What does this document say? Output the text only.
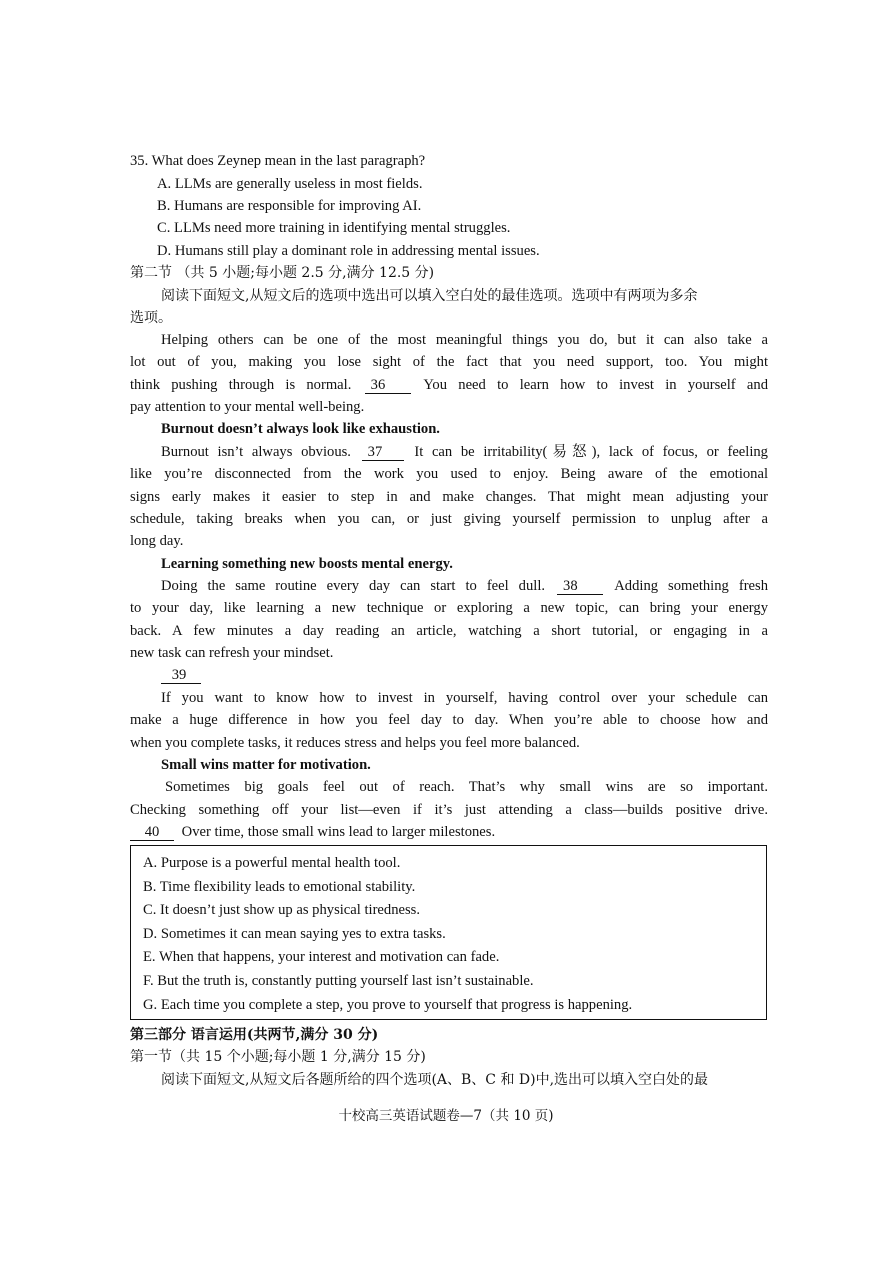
35. What does Zeynep mean in the last paragraph?
A. LLMs are generally useless in most fields.
B. Humans are responsible for improving AI.
C. LLMs need more training in identifying mental struggles.
D. Humans still play a dominant role in addressing mental issues.
第二节 （共 5 小题;每小题 2.5 分,满分 12.5 分)
阅读下面短文,从短文后的选项中选出可以填入空白处的最佳选项。选项中有两项为多余
选项。
Helping others can be one of the most meaningful things you do, but it can also take a
lot out of you, making you lose sight of the fact that you need support, too. You might
think pushing through is normal. 36	You need to learn how to invest in yourself and
pay attention to your mental well-being.
Burnout doesn’t always look like exhaustion.
Burnout isn’t always obvious. 37 It can be irritability(易怒), lack of focus, or feeling
like you’re disconnected from the work you used to enjoy. Being aware of the emotional
signs early makes it easier to step in and make changes. That might mean adjusting your
schedule, taking breaks when you can, or just giving yourself permission to unplug after a
long day.
Learning something new boosts mental energy.
Doing the same routine every day can start to feel dull. 38	Adding something fresh
to your day, like learning a new technique or exploring a new topic, can bring your energy
back. A few minutes a day reading an article, watching a short tutorial, or engaging in a
new task can refresh your mindset.
39
If you want to know how to invest in yourself, having control over your schedule can
make a huge difference in how you feel day to day. When you’re able to choose how and
when you complete tasks, it reduces stress and helps you feel more balanced.
Small wins matter for motivation.
Sometimes big goals feel out of reach. That’s why small wins are so important.
Checking something off your list—even if it’s just attending a class—builds positive drive.
40 Over time, those small wins lead to larger milestones.
A. Purpose is a powerful mental health tool.
B. Time flexibility leads to emotional stability.
C. It doesn’t just show up as physical tiredness.
D. Sometimes it can mean saying yes to extra tasks.
E. When that happens, your interest and motivation can fade.
F. But the truth is, constantly putting yourself last isn’t sustainable.
G. Each time you complete a step, you prove to yourself that progress is happening.
第三部分 语言运用(共两节,满分 30 分)
第一节（共 15 个小题;每小题 1 分,满分 15 分)
阅读下面短文,从短文后各题所给的四个选项(A、B、C 和 D)中,选出可以填入空白处的最
十校高三英语试题卷—7（共 10 页)
